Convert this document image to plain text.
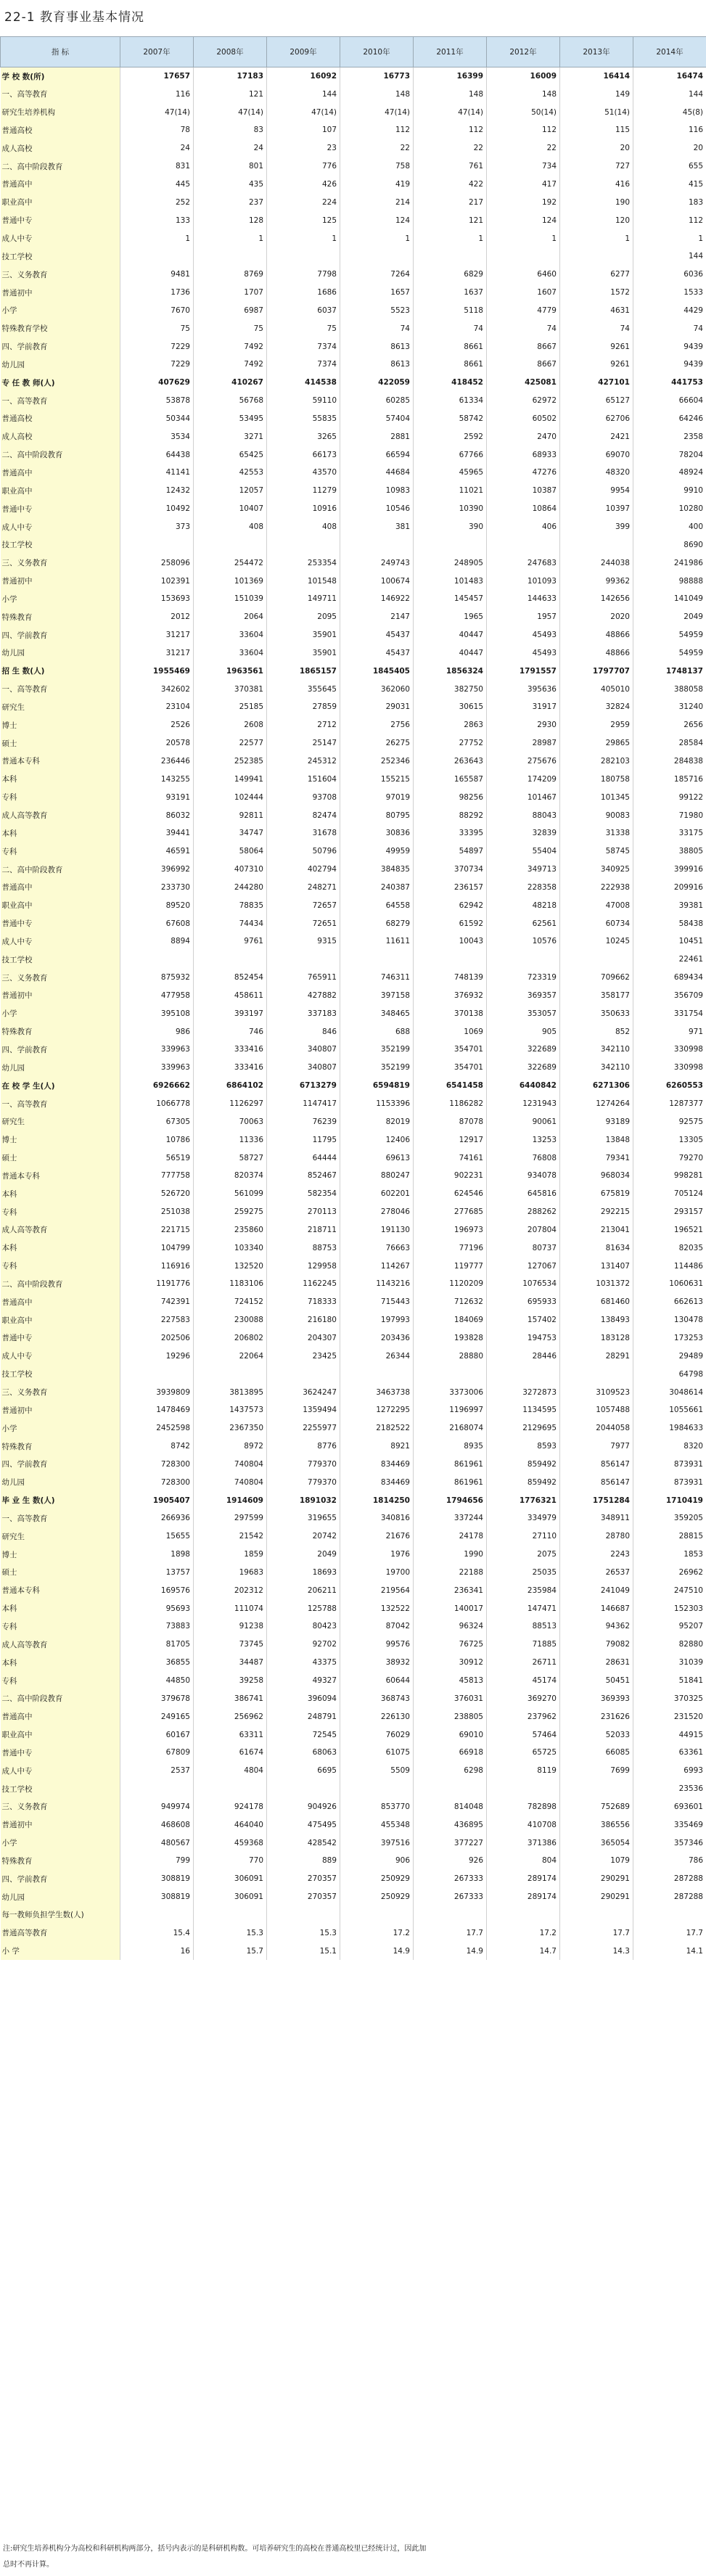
22-1 教育事业基本情况
指 标	2007年	2008年	2009年	2010年	2011年	2012年	2013年	2014年
学 校 数(所)	17657	17183	16092	16773	16399	16009	16414	16474
一、高等教育	116	121	144	148	148	148	149	144
研究生培养机构	47(14)	47(14)	47(14)	47(14)	47(14)	50(14)	51(14)	45(8)
普通高校	78	83	107	112	112	112	115	116
成人高校	24	24	23	22	22	22	20	20
二、高中阶段教育	831	801	776	758	761	734	727	655
普通高中	445	435	426	419	422	417	416	415
职业高中	252	237	224	214	217	192	190	183
普通中专	133	128	125	124	121	124	120	112
成人中专	1	1	1	1	1	1	1	1
技工学校								144
三、义务教育	9481	8769	7798	7264	6829	6460	6277	6036
普通初中	1736	1707	1686	1657	1637	1607	1572	1533
小学	7670	6987	6037	5523	5118	4779	4631	4429
特殊教育学校	75	75	75	74	74	74	74	74
四、学前教育	7229	7492	7374	8613	8661	8667	9261	9439
幼儿园	7229	7492	7374	8613	8661	8667	9261	9439
专 任 教 师(人)	407629	410267	414538	422059	418452	425081	427101	441753
一、高等教育	53878	56768	59110	60285	61334	62972	65127	66604
普通高校	50344	53495	55835	57404	58742	60502	62706	64246
成人高校	3534	3271	3265	2881	2592	2470	2421	2358
二、高中阶段教育	64438	65425	66173	66594	67766	68933	69070	78204
普通高中	41141	42553	43570	44684	45965	47276	48320	48924
职业高中	12432	12057	11279	10983	11021	10387	9954	9910
普通中专	10492	10407	10916	10546	10390	10864	10397	10280
成人中专	373	408	408	381	390	406	399	400
技工学校								8690
三、义务教育	258096	254472	253354	249743	248905	247683	244038	241986
普通初中	102391	101369	101548	100674	101483	101093	99362	98888
小学	153693	151039	149711	146922	145457	144633	142656	141049
特殊教育	2012	2064	2095	2147	1965	1957	2020	2049
四、学前教育	31217	33604	35901	45437	40447	45493	48866	54959
幼儿园	31217	33604	35901	45437	40447	45493	48866	54959
招 生 数(人)	1955469	1963561	1865157	1845405	1856324	1791557	1797707	1748137
一、高等教育	342602	370381	355645	362060	382750	395636	405010	388058
研究生	23104	25185	27859	29031	30615	31917	32824	31240
博士	2526	2608	2712	2756	2863	2930	2959	2656
硕士	20578	22577	25147	26275	27752	28987	29865	28584
普通本专科	236446	252385	245312	252346	263643	275676	282103	284838
本科	143255	149941	151604	155215	165587	174209	180758	185716
专科	93191	102444	93708	97019	98256	101467	101345	99122
成人高等教育	86032	92811	82474	80795	88292	88043	90083	71980
本科	39441	34747	31678	30836	33395	32839	31338	33175
专科	46591	58064	50796	49959	54897	55404	58745	38805
二、高中阶段教育	396992	407310	402794	384835	370734	349713	340925	399916
普通高中	233730	244280	248271	240387	236157	228358	222938	209916
职业高中	89520	78835	72657	64558	62942	48218	47008	39381
普通中专	67608	74434	72651	68279	61592	62561	60734	58438
成人中专	8894	9761	9315	11611	10043	10576	10245	10451
技工学校								22461
三、义务教育	875932	852454	765911	746311	748139	723319	709662	689434
普通初中	477958	458611	427882	397158	376932	369357	358177	356709
小学	395108	393197	337183	348465	370138	353057	350633	331754
特殊教育	986	746	846	688	1069	905	852	971
四、学前教育	339963	333416	340807	352199	354701	322689	342110	330998
幼儿园	339963	333416	340807	352199	354701	322689	342110	330998
在 校 学 生(人)	6926662	6864102	6713279	6594819	6541458	6440842	6271306	6260553
一、高等教育	1066778	1126297	1147417	1153396	1186282	1231943	1274264	1287377
研究生	67305	70063	76239	82019	87078	90061	93189	92575
博士	10786	11336	11795	12406	12917	13253	13848	13305
硕士	56519	58727	64444	69613	74161	76808	79341	79270
普通本专科	777758	820374	852467	880247	902231	934078	968034	998281
本科	526720	561099	582354	602201	624546	645816	675819	705124
专科	251038	259275	270113	278046	277685	288262	292215	293157
成人高等教育	221715	235860	218711	191130	196973	207804	213041	196521
本科	104799	103340	88753	76663	77196	80737	81634	82035
专科	116916	132520	129958	114267	119777	127067	131407	114486
二、高中阶段教育	1191776	1183106	1162245	1143216	1120209	1076534	1031372	1060631
普通高中	742391	724152	718333	715443	712632	695933	681460	662613
职业高中	227583	230088	216180	197993	184069	157402	138493	130478
普通中专	202506	206802	204307	203436	193828	194753	183128	173253
成人中专	19296	22064	23425	26344	28880	28446	28291	29489
技工学校								64798
三、义务教育	3939809	3813895	3624247	3463738	3373006	3272873	3109523	3048614
普通初中	1478469	1437573	1359494	1272295	1196997	1134595	1057488	1055661
小学	2452598	2367350	2255977	2182522	2168074	2129695	2044058	1984633
特殊教育	8742	8972	8776	8921	8935	8593	7977	8320
四、学前教育	728300	740804	779370	834469	861961	859492	856147	873931
幼儿园	728300	740804	779370	834469	861961	859492	856147	873931
毕 业 生 数(人)	1905407	1914609	1891032	1814250	1794656	1776321	1751284	1710419
一、高等教育	266936	297599	319655	340816	337244	334979	348911	359205
研究生	15655	21542	20742	21676	24178	27110	28780	28815
博士	1898	1859	2049	1976	1990	2075	2243	1853
硕士	13757	19683	18693	19700	22188	25035	26537	26962
普通本专科	169576	202312	206211	219564	236341	235984	241049	247510
本科	95693	111074	125788	132522	140017	147471	146687	152303
专科	73883	91238	80423	87042	96324	88513	94362	95207
成人高等教育	81705	73745	92702	99576	76725	71885	79082	82880
本科	36855	34487	43375	38932	30912	26711	28631	31039
专科	44850	39258	49327	60644	45813	45174	50451	51841
二、高中阶段教育	379678	386741	396094	368743	376031	369270	369393	370325
普通高中	249165	256962	248791	226130	238805	237962	231626	231520
职业高中	60167	63311	72545	76029	69010	57464	52033	44915
普通中专	67809	61674	68063	61075	66918	65725	66085	63361
成人中专	2537	4804	6695	5509	6298	8119	7699	6993
技工学校								23536
三、义务教育	949974	924178	904926	853770	814048	782898	752689	693601
普通初中	468608	464040	475495	455348	436895	410708	386556	335469
小学	480567	459368	428542	397516	377227	371386	365054	357346
特殊教育	799	770	889	906	926	804	1079	786
四、学前教育	308819	306091	270357	250929	267333	289174	290291	287288
幼儿园	308819	306091	270357	250929	267333	289174	290291	287288
每一教师负担学生数(人)								
普通高等教育	15.4	15.3	15.3	17.2	17.7	17.2	17.7	17.7
小 学	16	15.7	15.1	14.9	14.9	14.7	14.3	14.1
注:研究生培养机构分为高校和科研机构两部分，括号内表示的是科研机构数。可培养研究生的高校在普通高校里已经统计过，因此加
总时不再计算。
